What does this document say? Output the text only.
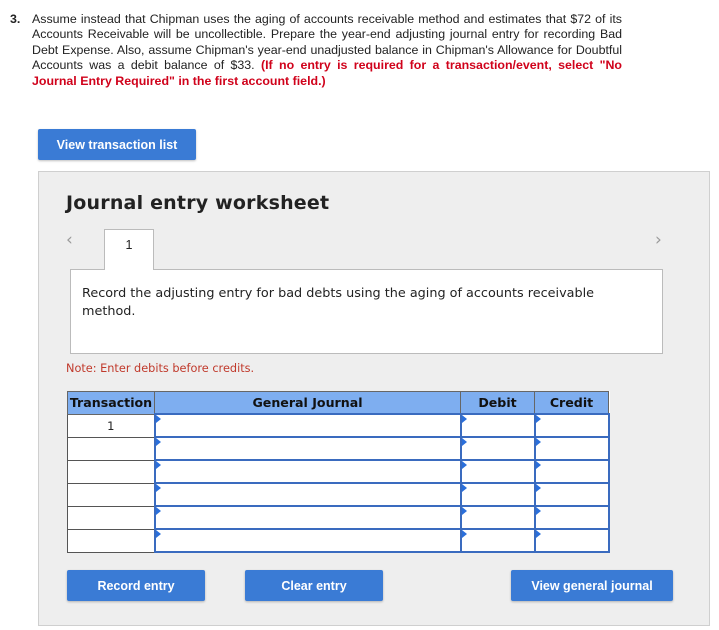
3. Assume instead that Chipman uses the aging of accounts receivable method and estimates that $72 of its Accounts Receivable will be uncollectible. Prepare the year-end adjusting journal entry for recording Bad Debt Expense. Also, assume Chipman's year-end unadjusted balance in Chipman's Allowance for Doubtful Accounts was a debit balance of $33. (If no entry is required for a transaction/event, select "No Journal Entry Required" in the first account field.)
View transaction list
Journal entry worksheet
‹	1	›
Record the adjusting entry for bad debts using the aging of accounts receivable method.
Note: Enter debits before credits.
Transaction	General Journal	Debit	Credit
1	

Record entry	Clear entry	View general journal
